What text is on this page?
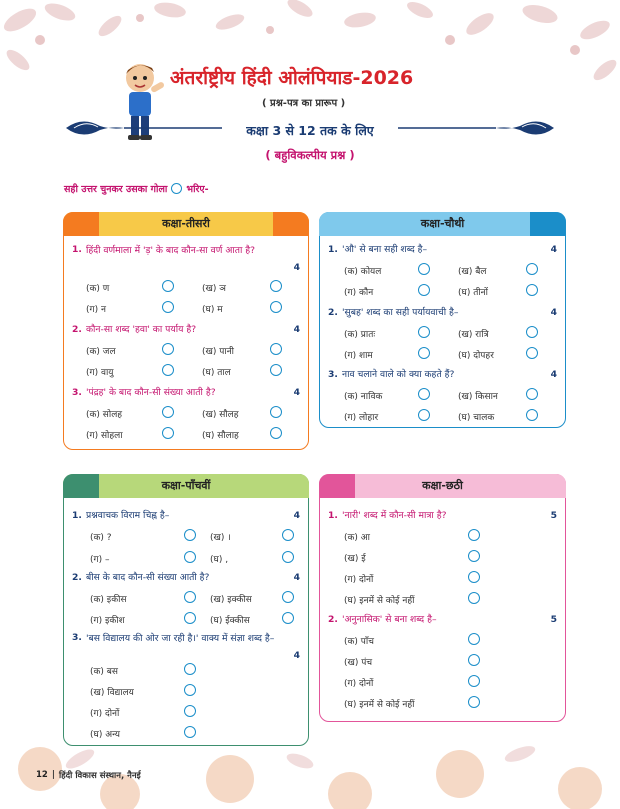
अंतर्राष्ट्रीय हिंदी ओलंपियाड-2026
( प्रश्न-पत्र का प्रारूप )
कक्षा 3 से 12 तक के लिए
( बहुविकल्पीय प्रश्न )
सही उत्तर चुनकर उसका गोला भरिए-
कक्षा-तीसरी
1. हिंदी वर्णमाला में 'ड़' के बाद कौन-सा वर्ण आता है?
4
(क) ण	(ख) ञ
(ग) न	(घ) म
2. कौन-सा शब्द 'हवा' का पर्याय है?	4
(क) जल	(ख) पानी
(ग) वायु	(घ) ताल
3. 'पंद्रह' के बाद कौन-सी संख्या आती है?	4
(क) सोलह	(ख) सौलह
(ग) सोहला	(घ) सौलाह
कक्षा-चौथी
1. 'औ' से बना सही शब्द है–	4
(क) कोयल	(ख) बैल
(ग) कौन	(घ) तीनों
2. 'सुबह' शब्द का सही पर्यायवाची है–	4
(क) प्रातः	(ख) रात्रि
(ग) शाम	(घ) दोपहर
3. नाव चलाने वाले को क्या कहते हैं?	4
(क) नाविक	(ख) किसान
(ग) लोहार	(घ) चालक
कक्षा-पाँचवीं
1. प्रश्नवाचक विराम चिह्न है–	4
(क) ?	(ख) ।
(ग) –	(घ) ,
2. बीस के बाद कौन-सी संख्या आती है?	4
(क) इकीस	(ख) इक्कीस
(ग) इकीश	(घ) ईक्कीस
3. 'बस विद्यालय की ओर जा रही है।' वाक्य में संज्ञा शब्द है–
4
(क) बस
(ख) विद्यालय
(ग) दोनों
(घ) अन्य
कक्षा-छठी
1. 'नारी' शब्द में कौन-सी मात्रा है?	5
(क) आ
(ख) ई
(ग) दोनों
(घ) इनमें से कोई नहीं
2. 'अनुनासिक' से बना शब्द है–	5
(क) पाँच
(ख) पंच
(ग) दोनों
(घ) इनमें से कोई नहीं
12 | हिंदी विकास संस्थान, नैनई
